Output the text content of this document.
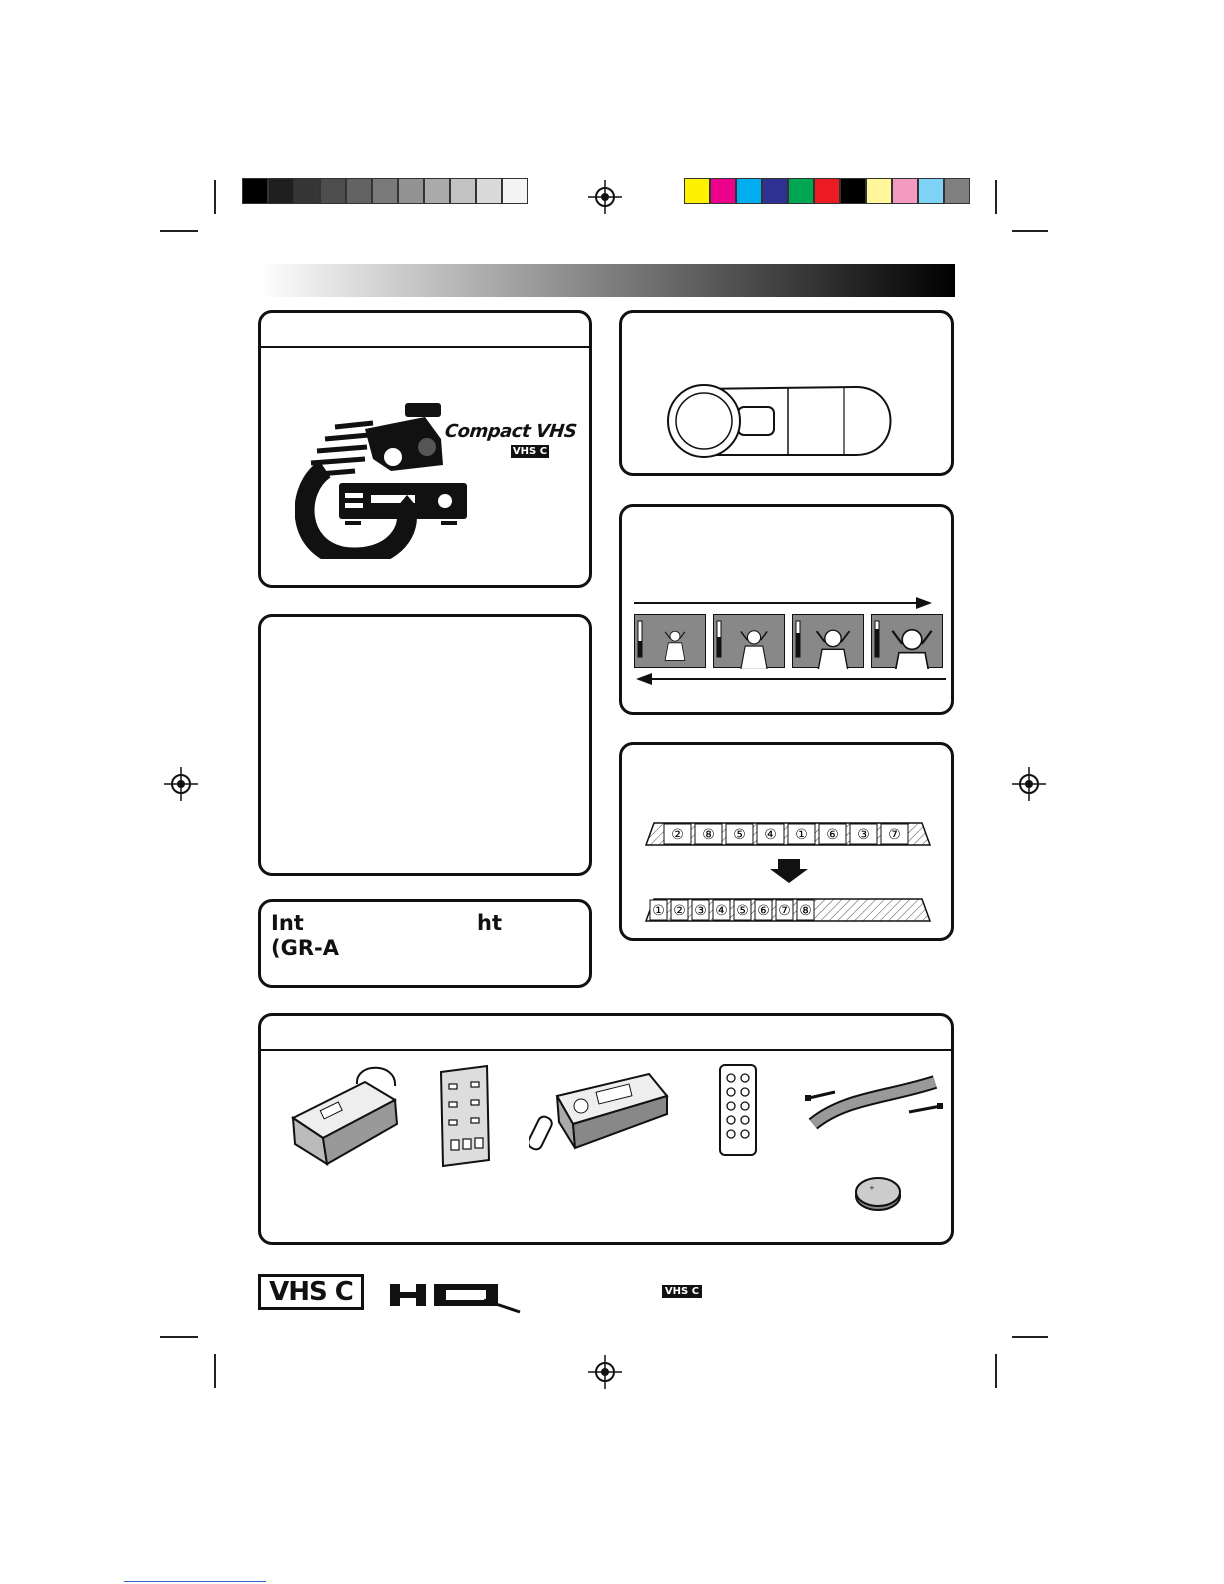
Compact VHS
VHS C
② ⑧ ⑤ ④ ① ⑥ ③ ⑦
① ② ③ ④ ⑤ ⑥ ⑦ ⑧
Int	ht
(GR-A
+
VHS C	VHS C
